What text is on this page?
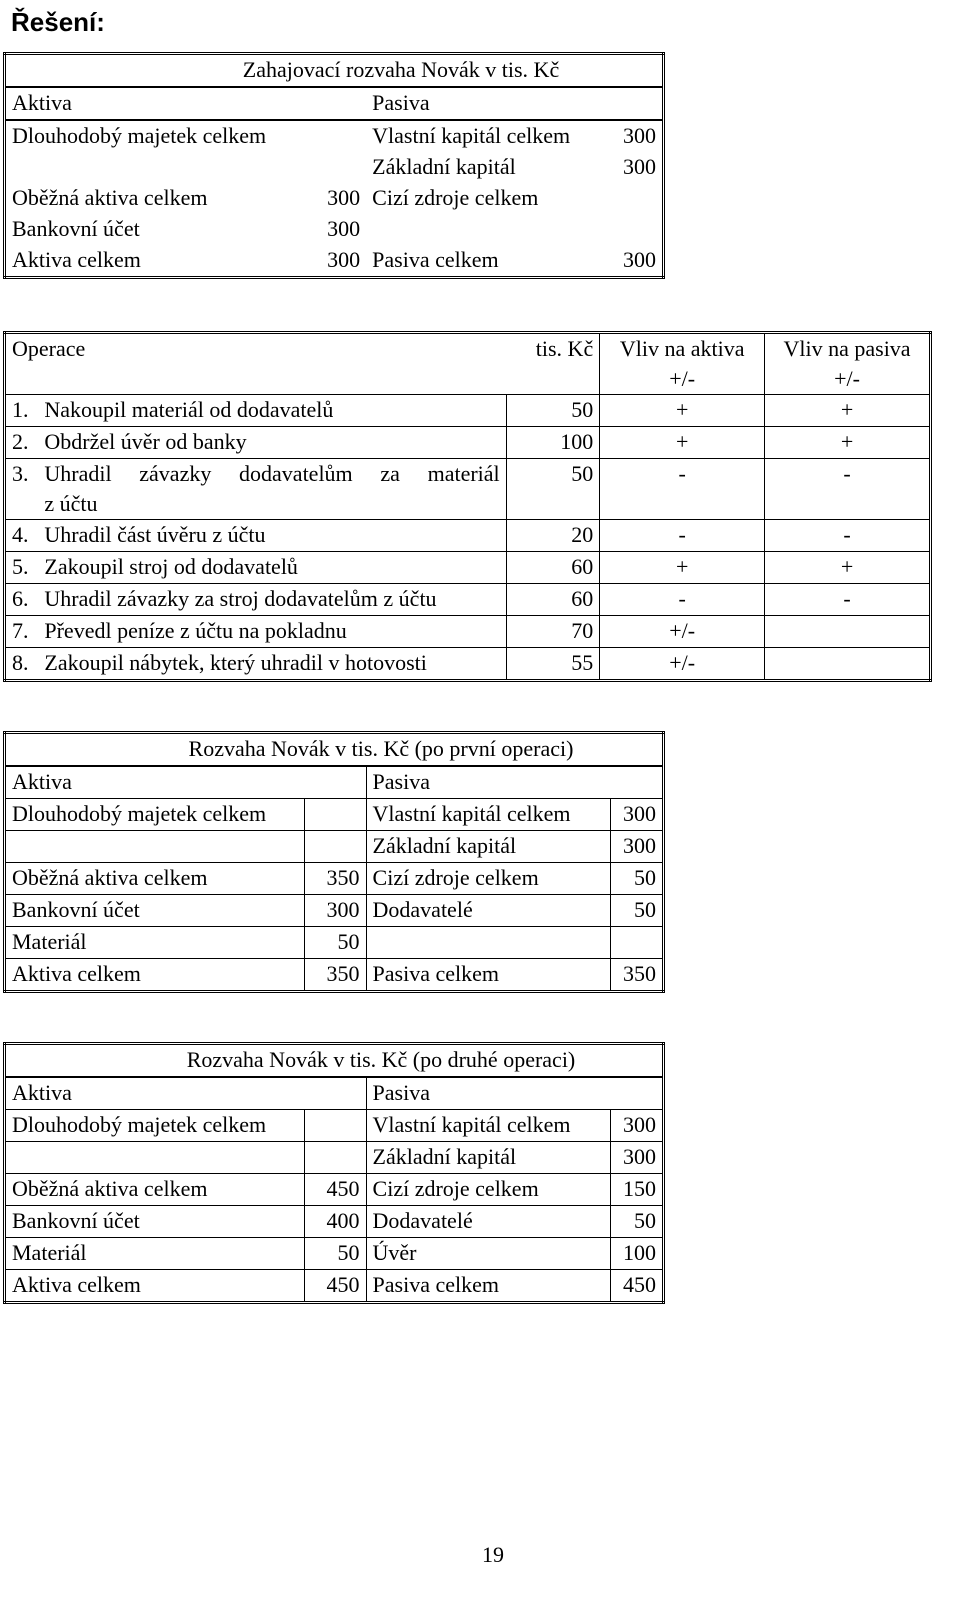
Řešení:
Zahajovací rozvaha Novák v tis. Kč			
Aktiva		Pasiva	
Dlouhodobý majetek celkem		Vlastní kapitál celkem	300
		Základní kapitál	300
Oběžná aktiva celkem	300	Cizí zdroje celkem	
Bankovní účet	300		
Aktiva celkem	300	Pasiva celkem	300
Operace		tis. Kč	Vliv na aktiva +/-	Vliv na pasiva +/-
1.	Nakoupil materiál od dodavatelů	50	+	+
2.	Obdržel úvěr od banky	100	+	+
3.	Uhradil závazky dodavatelům za materiál
z účtu	50	-	-
4.	Uhradil část úvěru z účtu	20	-	-
5.	Zakoupil stroj od dodavatelů	60	+	+
6.	Uhradil závazky za stroj dodavatelům z účtu	60	-	-
7.	Převedl peníze z účtu na pokladnu	70	+/-	
8.	Zakoupil nábytek, který uhradil v hotovosti	55	+/-	
Rozvaha Novák v tis. Kč (po první operaci)			
Aktiva		Pasiva	
Dlouhodobý majetek celkem		Vlastní kapitál celkem	300
		Základní kapitál	300
Oběžná aktiva celkem	350	Cizí zdroje celkem	50
Bankovní účet	300	Dodavatelé	50
Materiál	50		
Aktiva celkem	350	Pasiva celkem	350
Rozvaha Novák v tis. Kč (po druhé operaci)			
Aktiva		Pasiva	
Dlouhodobý majetek celkem		Vlastní kapitál celkem	300
		Základní kapitál	300
Oběžná aktiva celkem	450	Cizí zdroje celkem	150
Bankovní účet	400	Dodavatelé	50
Materiál	50	Úvěr	100
Aktiva celkem	450	Pasiva celkem	450
19
